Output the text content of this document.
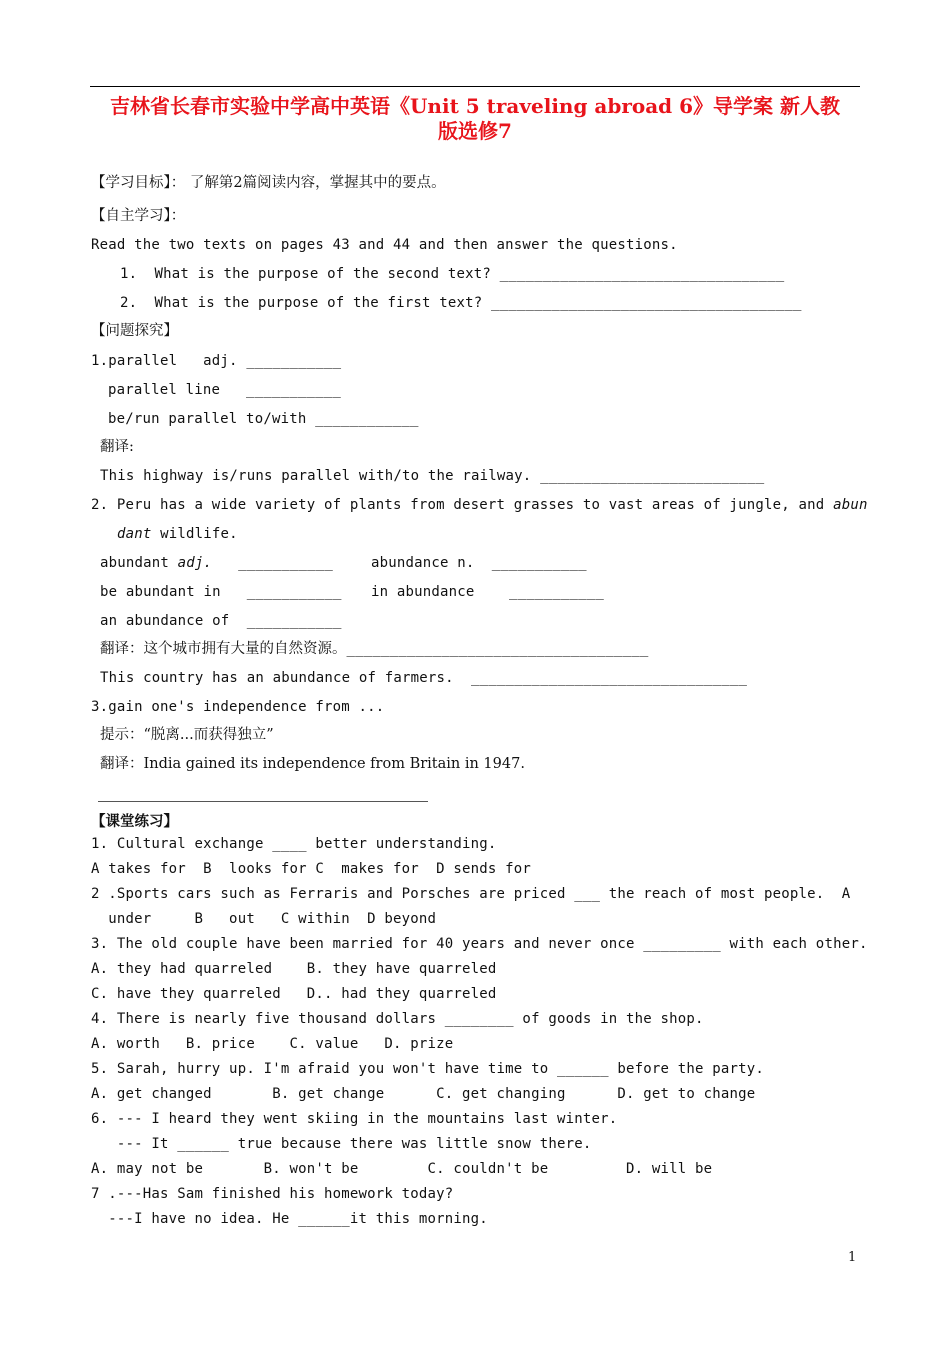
吉林省长春市实验中学高中英语《Unit 5 traveling abroad 6》导学案 新人教
版选修7
【学习目标】： 了解第2篇阅读内容，掌握其中的要点。
【自主学习】：
Read the two texts on pages 43 and 44 and then answer the questions.
1.  What is the purpose of the second text? _________________________________
2.  What is the purpose of the first text? ____________________________________
【问题探究】
1.parallel   adj. ___________
parallel line   ___________
be/run parallel to/with ____________
翻译:
This highway is/runs parallel with/to the railway. __________________________
2. Peru has a wide variety of plants from desert grasses to vast areas of jungle, and abun
dant wildlife.
abundant adj.   ___________	abundance n.  ___________
be abundant in   ___________ in abundance    ___________
an abundance of  ___________
翻译：这个城市拥有大量的自然资源。___________________________________
This country has an abundance of farmers.  ________________________________
3.gain one's independence from ...
提示：“脱离...而获得独立”
翻译：India gained its independence from Britain in 1947.
【课堂练习】
1. Cultural exchange ____ better understanding.
A takes for  B  looks for C  makes for  D sends for
2 .Sports cars such as Ferraris and Porsches are priced ___ the reach of most people.  A
under     B   out   C within  D beyond
3. The old couple have been married for 40 years and never once _________ with each other.
A. they had quarreled    B. they have quarreled
C. have they quarreled   D.. had they quarreled
4. There is nearly five thousand dollars ________ of goods in the shop.
A. worth   B. price    C. value   D. prize
5. Sarah, hurry up. I'm afraid you won't have time to ______ before the party.
A. get changed       B. get change      C. get changing      D. get to change
6. --- I heard they went skiing in the mountains last winter.
--- It ______ true because there was little snow there.
A. may not be       B. won't be        C. couldn't be         D. will be
7 .---Has Sam finished his homework today?
---I have no idea. He ______it this morning.
1
